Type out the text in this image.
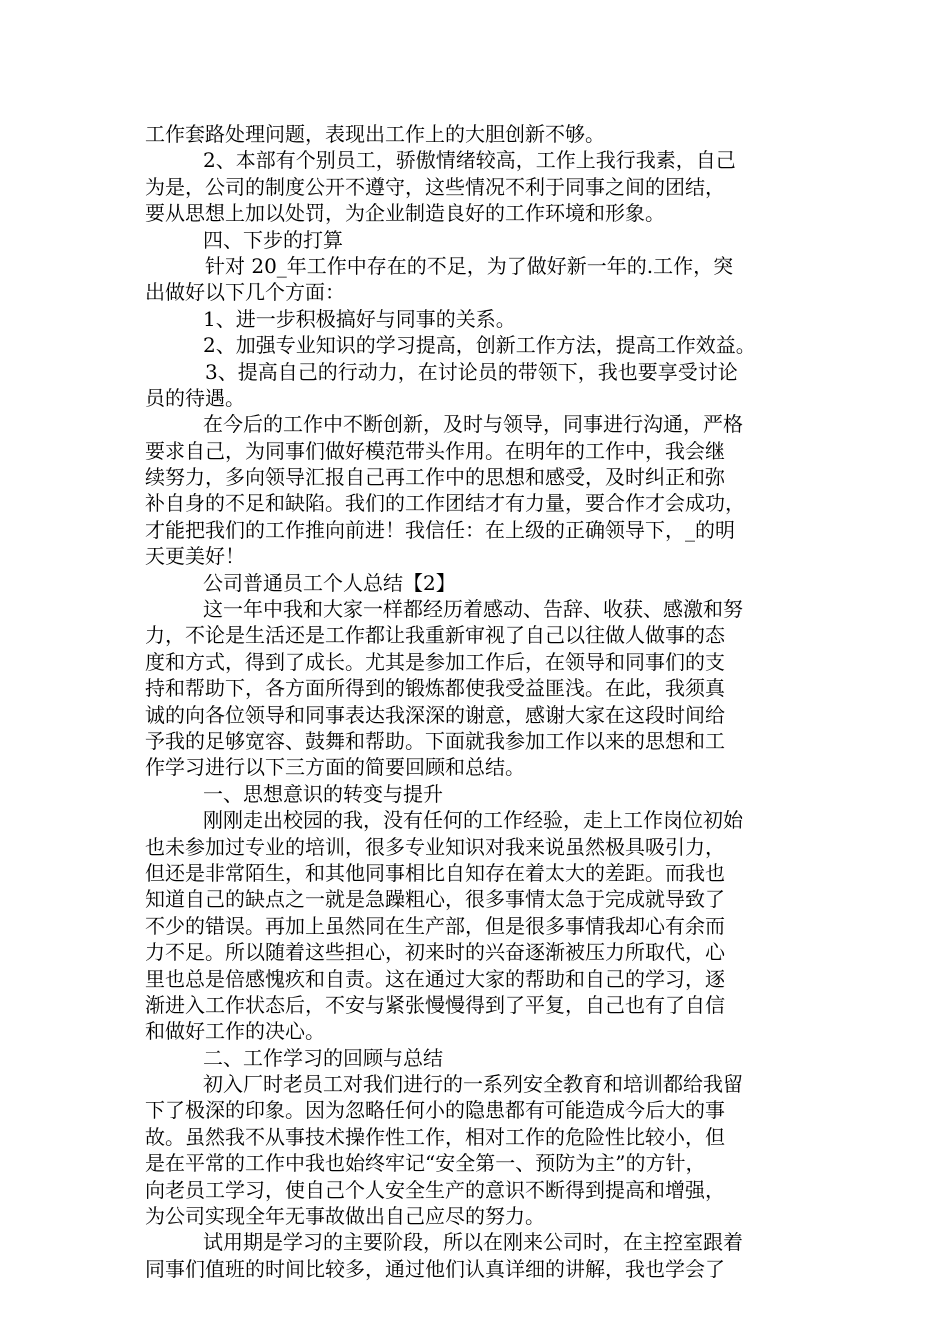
工作套路处理问题，表现出工作上的大胆创新不够。
2、本部有个别员工，骄傲情绪较高，工作上我行我素，自己
为是，公司的制度公开不遵守，这些情况不利于同事之间的团结，
要从思想上加以处罚，为企业制造良好的工作环境和形象。
四、下步的打算
针对 20_年工作中存在的不足，为了做好新一年的.工作，突
出做好以下几个方面：
1、进一步积极搞好与同事的关系。
2、加强专业知识的学习提高，创新工作方法，提高工作效益。
3、提高自己的行动力，在讨论员的带领下，我也要享受讨论
员的待遇。
在今后的工作中不断创新，及时与领导，同事进行沟通，严格
要求自己，为同事们做好模范带头作用。在明年的工作中，我会继
续努力，多向领导汇报自己再工作中的思想和感受，及时纠正和弥
补自身的不足和缺陷。我们的工作团结才有力量，要合作才会成功，
才能把我们的工作推向前进！我信任：在上级的正确领导下，_的明
天更美好！
公司普通员工个人总结【2】
这一年中我和大家一样都经历着感动、告辞、收获、感激和努
力，不论是生活还是工作都让我重新审视了自己以往做人做事的态
度和方式，得到了成长。尤其是参加工作后，在领导和同事们的支
持和帮助下，各方面所得到的锻炼都使我受益匪浅。在此，我须真
诚的向各位领导和同事表达我深深的谢意，感谢大家在这段时间给
予我的足够宽容、鼓舞和帮助。下面就我参加工作以来的思想和工
作学习进行以下三方面的简要回顾和总结。
一、思想意识的转变与提升
刚刚走出校园的我，没有任何的工作经验，走上工作岗位初始
也未参加过专业的培训，很多专业知识对我来说虽然极具吸引力，
但还是非常陌生，和其他同事相比自知存在着太大的差距。而我也
知道自己的缺点之一就是急躁粗心，很多事情太急于完成就导致了
不少的错误。再加上虽然同在生产部，但是很多事情我却心有余而
力不足。所以随着这些担心，初来时的兴奋逐渐被压力所取代，心
里也总是倍感愧疚和自责。这在通过大家的帮助和自己的学习，逐
渐进入工作状态后，不安与紧张慢慢得到了平复，自己也有了自信
和做好工作的决心。
二、工作学习的回顾与总结
初入厂时老员工对我们进行的一系列安全教育和培训都给我留
下了极深的印象。因为忽略任何小的隐患都有可能造成今后大的事
故。虽然我不从事技术操作性工作，相对工作的危险性比较小，但
是在平常的工作中我也始终牢记“安全第一、预防为主”的方针，
向老员工学习，使自己个人安全生产的意识不断得到提高和增强，
为公司实现全年无事故做出自己应尽的努力。
试用期是学习的主要阶段，所以在刚来公司时，在主控室跟着
同事们值班的时间比较多，通过他们认真详细的讲解，我也学会了
